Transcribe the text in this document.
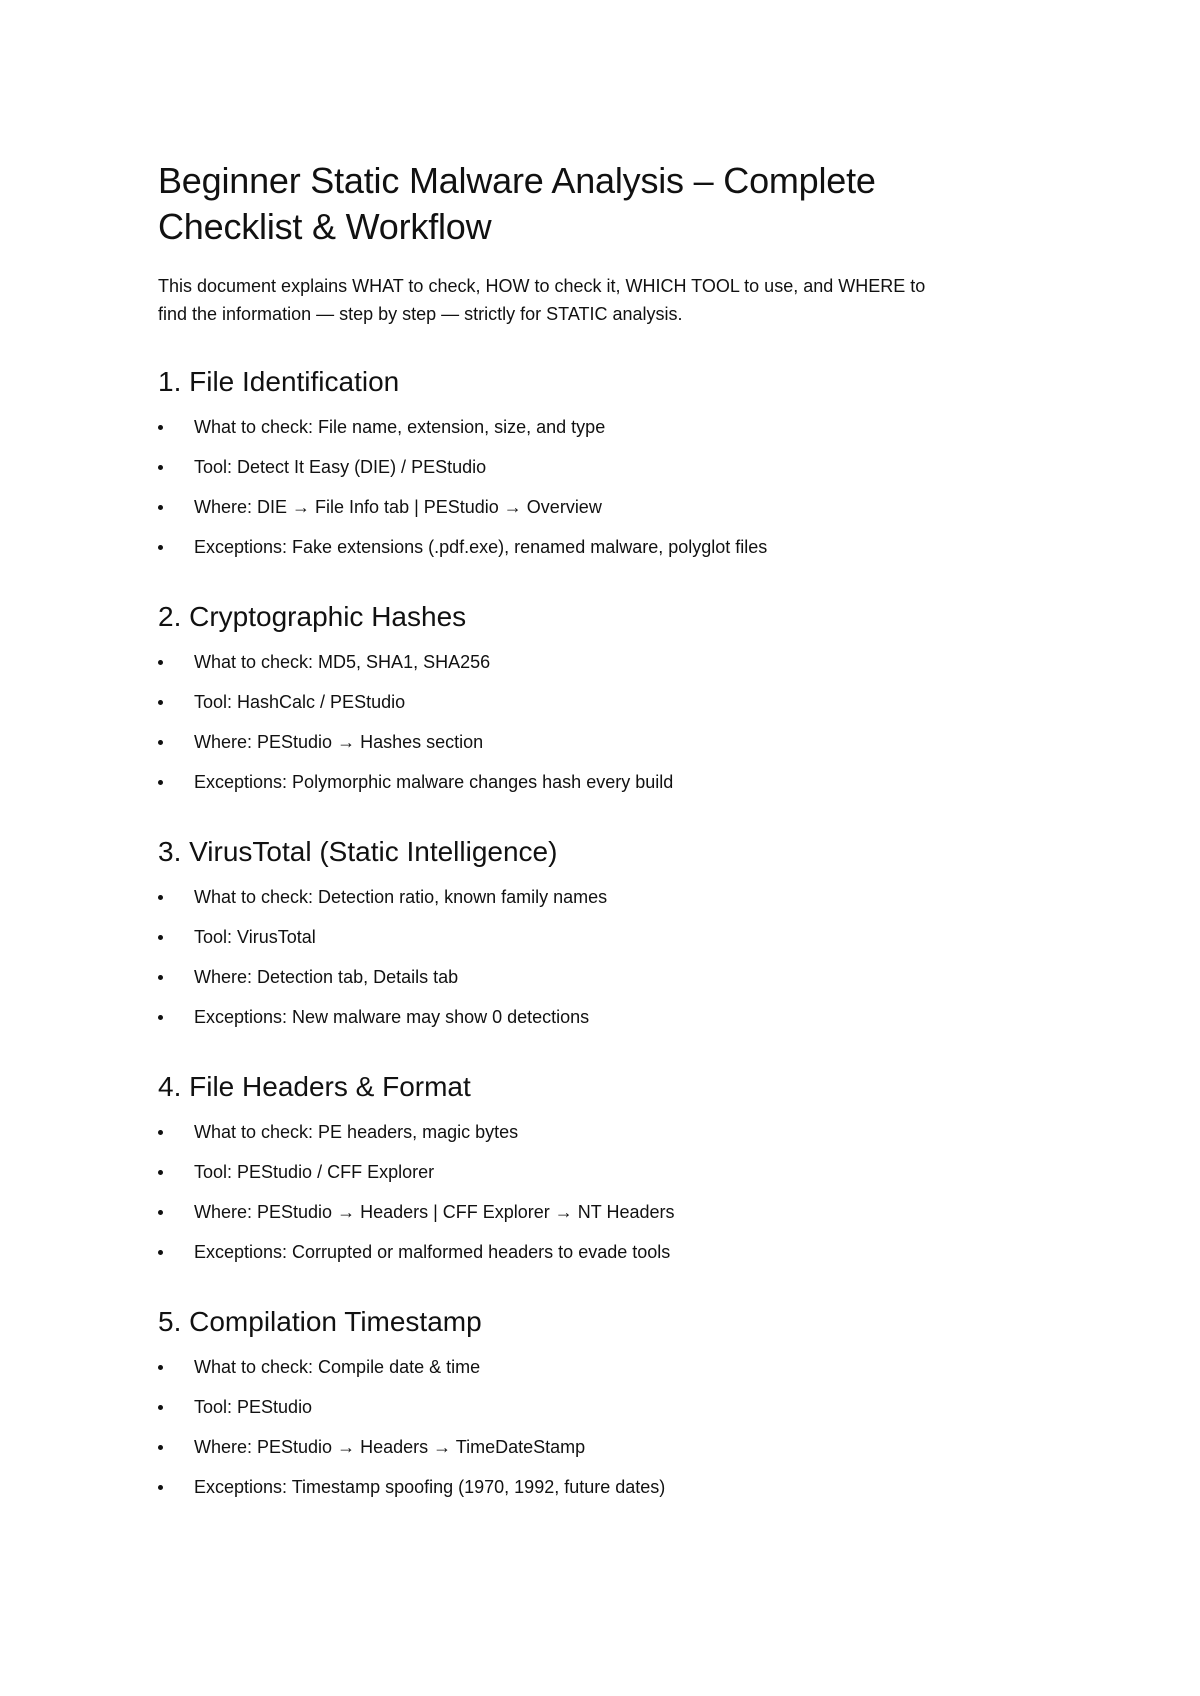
Beginner Static Malware Analysis – Complete
Checklist & Workflow

This document explains WHAT to check, HOW to check it, WHICH TOOL to use, and WHERE to
find the information — step by step — strictly for STATIC analysis.

1. File Identification
What to check: File name, extension, size, and type
Tool: Detect It Easy (DIE) / PEStudio
Where: DIE → File Info tab | PEStudio → Overview
Exceptions: Fake extensions (.pdf.exe), renamed malware, polyglot files
2. Cryptographic Hashes
What to check: MD5, SHA1, SHA256
Tool: HashCalc / PEStudio
Where: PEStudio → Hashes section
Exceptions: Polymorphic malware changes hash every build
3. VirusTotal (Static Intelligence)
What to check: Detection ratio, known family names
Tool: VirusTotal
Where: Detection tab, Details tab
Exceptions: New malware may show 0 detections
4. File Headers & Format
What to check: PE headers, magic bytes
Tool: PEStudio / CFF Explorer
Where: PEStudio → Headers | CFF Explorer → NT Headers
Exceptions: Corrupted or malformed headers to evade tools
5. Compilation Timestamp
What to check: Compile date & time
Tool: PEStudio
Where: PEStudio → Headers → TimeDateStamp
Exceptions: Timestamp spoofing (1970, 1992, future dates)
